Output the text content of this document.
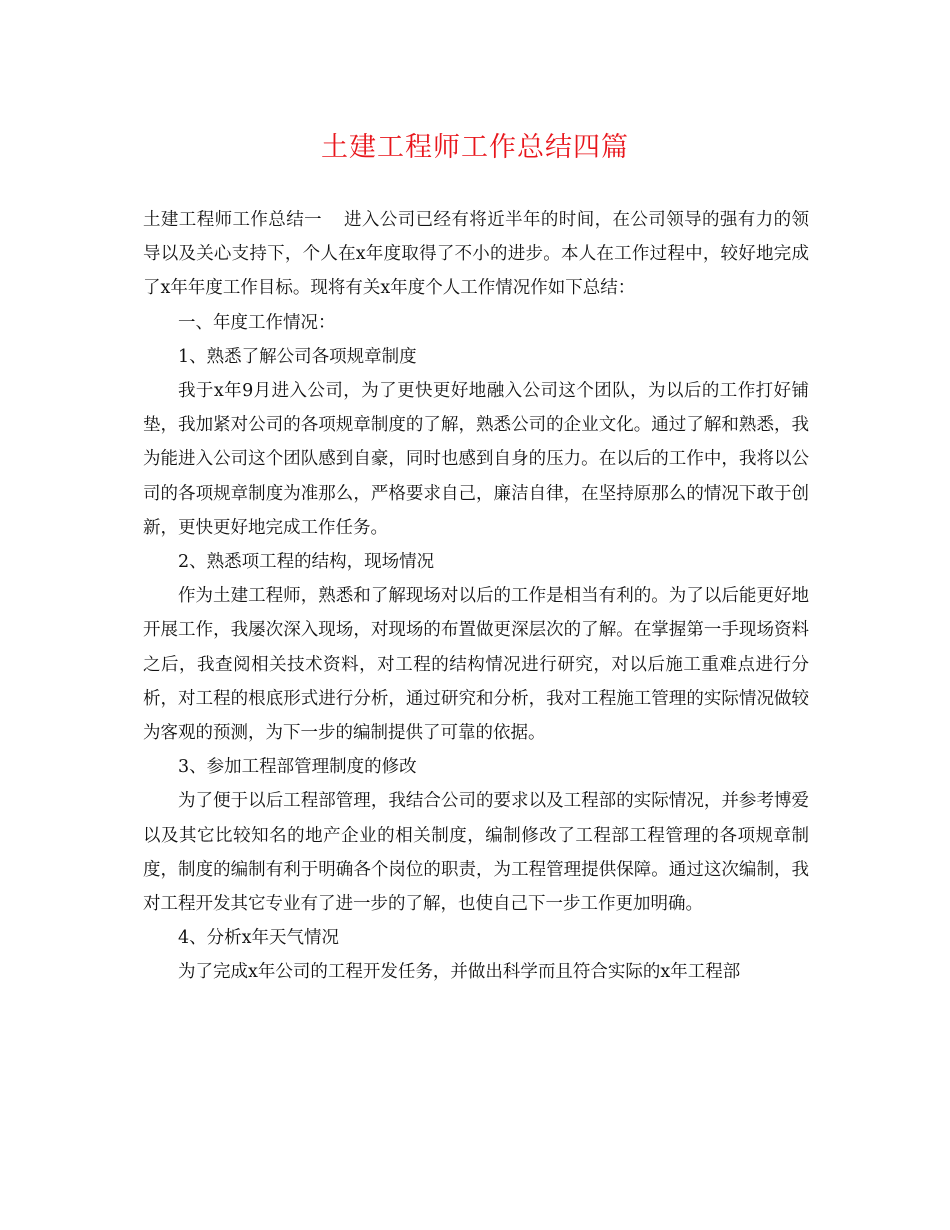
土建工程师工作总结四篇

土建工程师工作总结一 进入公司已经有将近半年的时间，在公司领导的强有力的领导以及关心支持下，个人在x年度取得了不小的进步。本人在工作过程中，较好地完成了x年年度工作目标。现将有关x年度个人工作情况作如下总结：

一、年度工作情况：

1、熟悉了解公司各项规章制度

我于x年9月进入公司，为了更快更好地融入公司这个团队，为以后的工作打好铺垫，我加紧对公司的各项规章制度的了解，熟悉公司的企业文化。通过了解和熟悉，我为能进入公司这个团队感到自豪，同时也感到自身的压力。在以后的工作中，我将以公司的各项规章制度为准那么，严格要求自己，廉洁自律，在坚持原那么的情况下敢于创新，更快更好地完成工作任务。

2、熟悉项工程的结构，现场情况

作为土建工程师，熟悉和了解现场对以后的工作是相当有利的。为了以后能更好地开展工作，我屡次深入现场，对现场的布置做更深层次的了解。在掌握第一手现场资料之后，我查阅相关技术资料，对工程的结构情况进行研究，对以后施工重难点进行分析，对工程的根底形式进行分析，通过研究和分析，我对工程施工管理的实际情况做较为客观的预测，为下一步的编制提供了可靠的依据。

3、参加工程部管理制度的修改

为了便于以后工程部管理，我结合公司的要求以及工程部的实际情况，并参考博爱以及其它比较知名的地产企业的相关制度，编制修改了工程部工程管理的各项规章制度，制度的编制有利于明确各个岗位的职责，为工程管理提供保障。通过这次编制，我对工程开发其它专业有了进一步的了解，也使自己下一步工作更加明确。

4、分析x年天气情况

为了完成x年公司的工程开发任务，并做出科学而且符合实际的x年工程部
